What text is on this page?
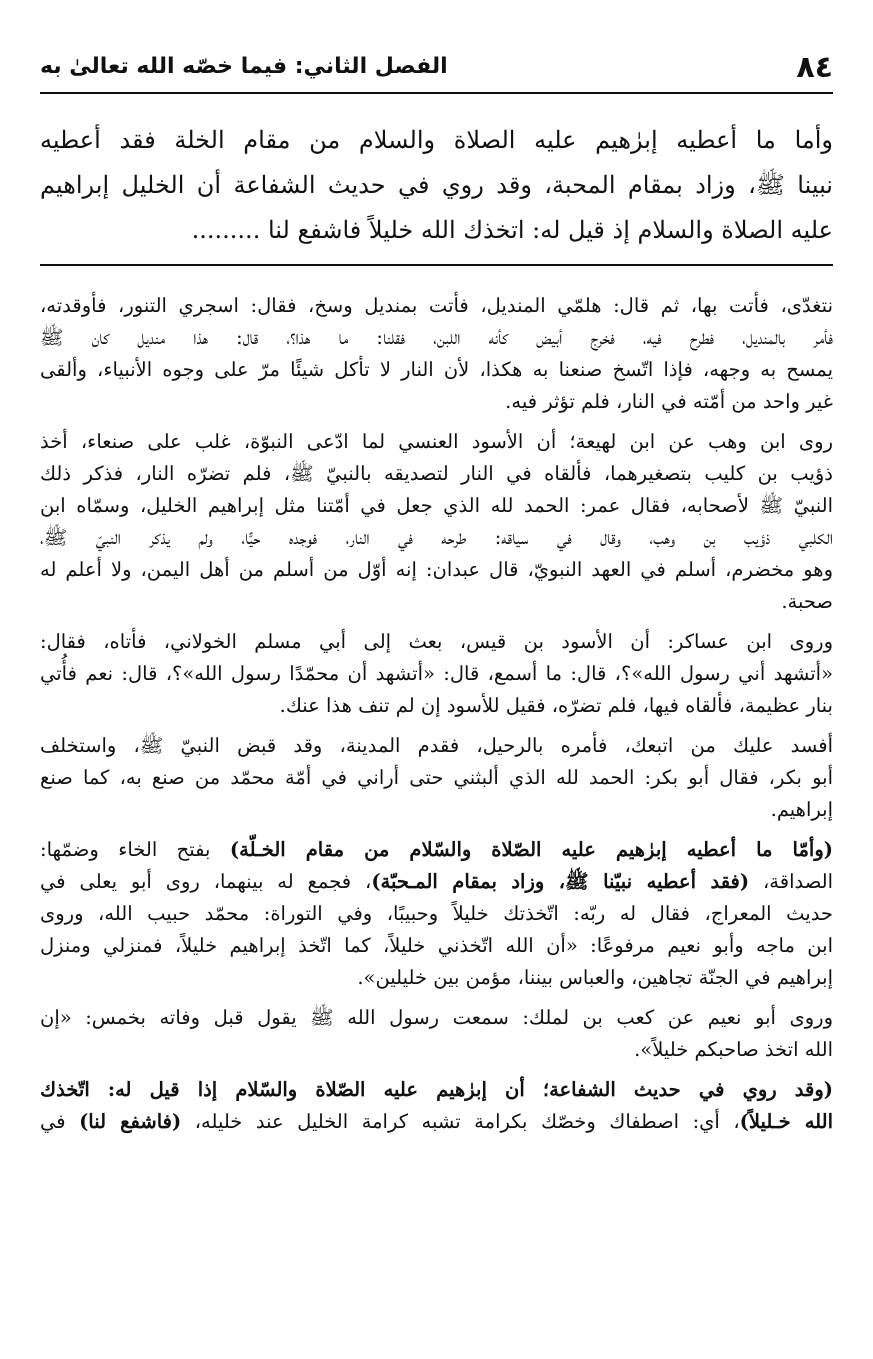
٨٤
الفصل الثاني: فيما خصّه الله تعالىٰ به
وأما ما أعطيه إبرٰهيم عليه الصلاة والسلام من مقام الخلة فقد أعطيه
نبينا ﷺ، وزاد بمقام المحبة، وقد روي في حديث الشفاعة أن الخليل إبراهيم
عليه الصلاة والسلام إذ قيل له: اتخذك الله خليلاً فاشفع لنا .........

نتغدّى، فأتت بها، ثم قال: هلمّي المنديل، فأتت بمنديل وسخ، فقال: اسجري التنور، فأوقدته،
فأمر بالمنديل، فطرح فيه، فخرج أبيض كأنه اللبن، فقلنا: ما هذا؟، قال: هذا منديل كان ﷺ
يمسح به وجهه، فإذا اتّسخ صنعنا به هكذا، لأن النار لا تأكل شيئًا مرّ على وجوه الأنبياء، وألقى
غير واحد من أمّته في النار، فلم تؤثر فيه.

روى ابن وهب عن ابن لهيعة؛ أن الأسود العنسي لما ادّعى النبوّة، غلب على صنعاء، أخذ
ذؤيب بن كليب بتصغيرهما، فألقاه في النار لتصديقه بالنبيّ ﷺ، فلم تضرّه النار، فذكر ذلك
النبيّ ﷺ لأصحابه، فقال عمر: الحمد لله الذي جعل في أمّتنا مثل إبراهيم الخليل، وسمّاه ابن
الكلبي ذؤيب بن وهب، وقال في سياقه: طرحه في النار، فوجده حيًّا، ولم يذكر النبيّ ﷺ،
وهو مخضرم، أسلم في العهد النبويّ، قال عبدان: إنه أوّل من أسلم من أهل اليمن، ولا أعلم له
صحبة.

وروى ابن عساكر: أن الأسود بن قيس، بعث إلى أبي مسلم الخولاني، فأتاه، فقال:
«أتشهد أني رسول الله»؟، قال: ما أسمع، قال: «أتشهد أن محمّدًا رسول الله»؟، قال: نعم فأُتي
بنار عظيمة، فألقاه فيها، فلم تضرّه، فقيل للأسود إن لم تنف هذا عنك.

أفسد عليك من اتبعك، فأمره بالرحيل، فقدم المدينة، وقد قبض النبيّ ﷺ، واستخلف
أبو بكر، فقال أبو بكر: الحمد لله الذي ألبثني حتى أراني في أمّة محمّد من صنع به، كما صنع
إبراهيم.

(وأمّا ما أعطيه إبرٰهيم عليه الصّلاة والسّلام من مقام الخـلّة) بفتح الخاء وضمّها:
الصداقة، (فقد أعطيه نبيّنا ﷺ، وزاد بمقام المـحبّة)، فجمع له بينهما، روى أبو يعلى في
حديث المعراج، فقال له ربّه: اتّخذتك خليلاً وحبيبًا، وفي التوراة: محمّد حبيب الله، وروى
ابن ماجه وأبو نعيم مرفوعًا: «أن الله اتّخذني خليلاً، كما اتّخذ إبراهيم خليلاً، فمنزلي ومنزل
إبراهيم في الجنّة تجاهين، والعباس بيننا، مؤمن بين خليلين».

وروى أبو نعيم عن كعب بن لملك: سمعت رسول الله ﷺ يقول قبل وفاته بخمس: «إن
الله اتخذ صاحبكم خليلاً».

(وقد روي في حديث الشفاعة؛ أن إبرٰهيم عليه الصّلاة والسّلام إذا قيل له: اتّخذك
الله خـليلاً)، أي: اصطفاك وخصّك بكرامة تشبه كرامة الخليل عند خليله، (فاشفع لنا) في
